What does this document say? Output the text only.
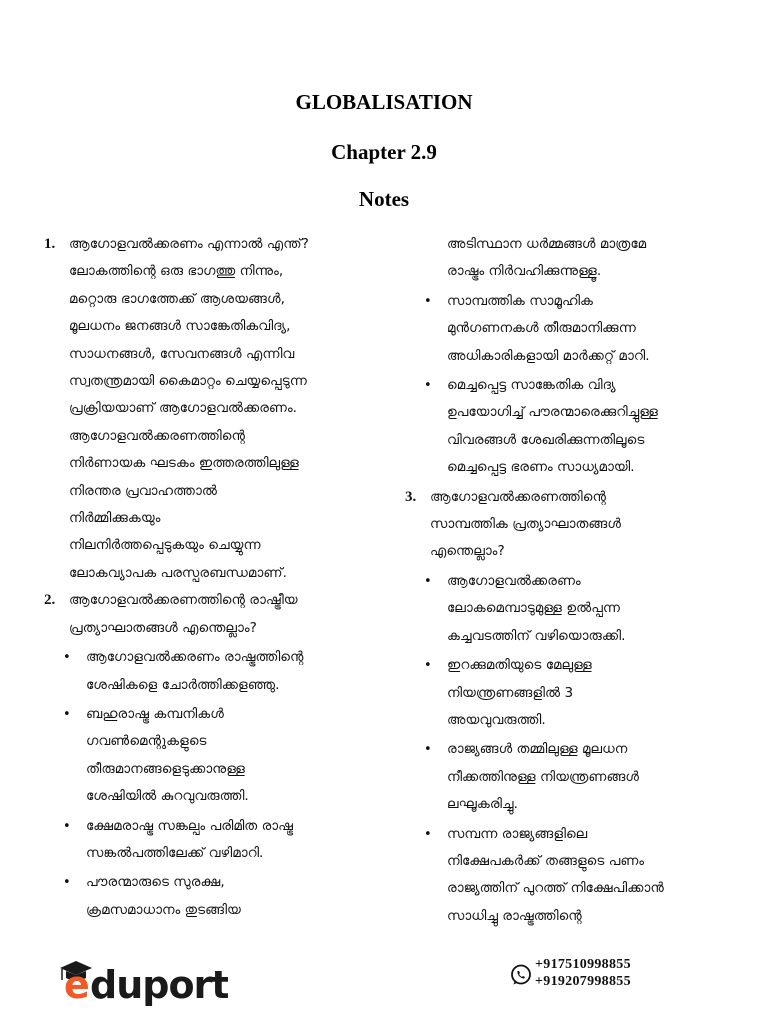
GLOBALISATION
Chapter 2.9
Notes
1. ആഗോളവൽക്കരണം എന്നാൽ എന്ത്?
ലോകത്തിന്റെ ഒരു ഭാഗത്തു നിന്നും,
മറ്റൊരു ഭാഗത്തേക്ക് ആശയങ്ങൾ,
മൂലധനം ജനങ്ങൾ സാങ്കേതികവിദ്യ,
സാധനങ്ങൾ, സേവനങ്ങൾ എന്നിവ
സ്വതന്ത്രമായി കൈമാറ്റം ചെയ്യപ്പെടുന്ന
പ്രക്രിയയാണ് ആഗോളവൽക്കരണം.
ആഗോളവൽക്കരണത്തിന്റെ
നിർണായക ഘടകം ഇത്തരത്തിലുള്ള
നിരന്തര പ്രവാഹത്താൽ
നിർമ്മിക്കുകയും
നിലനിർത്തപ്പെടുകയും ചെയ്യുന്ന
ലോകവ്യാപക പരസ്പരബന്ധമാണ്.
2. ആഗോളവൽക്കരണത്തിന്റെ രാഷ്ട്രീയ
പ്രത്യാഘാതങ്ങൾ എന്തെല്ലാം?
• ആഗോളവൽക്കരണം രാഷ്ട്രത്തിന്റെ
ശേഷികളെ ചോർത്തിക്കളഞ്ഞു.
• ബഹുരാഷ്ട്ര കമ്പനികൾ
ഗവൺമെന്റുകളുടെ
തീരുമാനങ്ങളെടുക്കാനുള്ള
ശേഷിയിൽ കുറവുവരുത്തി.
• ക്ഷേമരാഷ്ട്ര സങ്കല്പം പരിമിത രാഷ്ട്ര
സങ്കൽപത്തിലേക്ക് വഴിമാറി.
• പൗരന്മാരുടെ സുരക്ഷ,
ക്രമസമാധാനം തുടങ്ങിയ
അടിസ്ഥാന ധർമ്മങ്ങൾ മാത്രമേ
രാഷ്ട്രം നിർവഹിക്കുന്നുള്ളൂ.
• സാമ്പത്തിക സാമൂഹിക
മുൻഗണനകൾ തീരുമാനിക്കുന്ന
അധികാരികളായി മാർക്കറ്റ് മാറി.
• മെച്ചപ്പെട്ട സാങ്കേതിക വിദ്യ
ഉപയോഗിച്ച് പൗരന്മാരെക്കുറിച്ചുള്ള
വിവരങ്ങൾ ശേഖരിക്കുന്നതിലൂടെ
മെച്ചപ്പെട്ട ഭരണം സാധ്യമായി.
3. ആഗോളവൽക്കരണത്തിന്റെ
സാമ്പത്തിക പ്രത്യാഘാതങ്ങൾ
എന്തെല്ലാം?
• ആഗോളവൽക്കരണം
ലോകമെമ്പാടുമുള്ള ഉൽപ്പന്ന
കച്ചവടത്തിന് വഴിയൊരുക്കി.
• ഇറക്കുമതിയുടെ മേലുള്ള
നിയന്ത്രണങ്ങളിൽ 3
അയവുവരുത്തി.
• രാജ്യങ്ങൾ തമ്മിലുള്ള മൂലധന
നീക്കത്തിനുള്ള നിയന്ത്രണങ്ങൾ
ലഘൂകരിച്ചു.
• സമ്പന്ന രാജ്യങ്ങളിലെ
നിക്ഷേപകർക്ക് തങ്ങളുടെ പണം
രാജ്യത്തിന് പുറത്ത് നിക്ഷേപിക്കാൻ
സാധിച്ചു രാഷ്ട്രത്തിന്റെ
e duport	+917510998855
+919207998855
